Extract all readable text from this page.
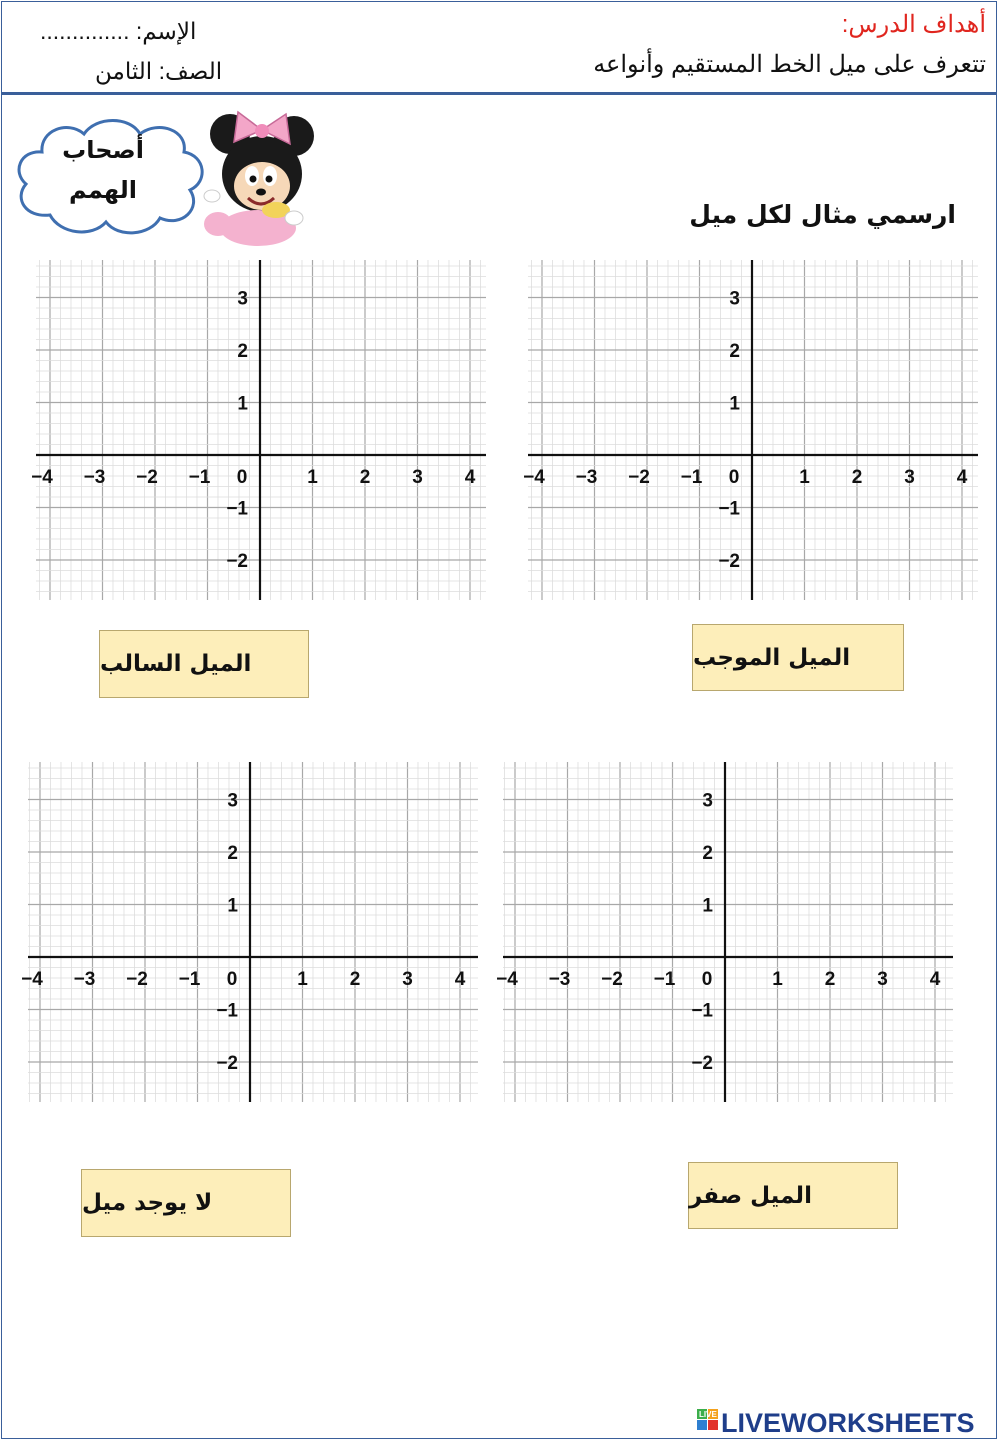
أهداف الدرس:
تتعرف على ميل الخط المستقيم وأنواعه
الإسم: ..............
الصف: الثامن
أصحاب
الهمم
ارسمي مثال لكل ميل
−4 −3 −2 −1 0	1 2 3 4
3
2
1
−1
−2
−4 −3 −2 −1 0	1 2 3 4
3
2
1
−1
−2
−4 −3 −2 −1 0	1 2 3 4
3
2
1
−1
−2
−4 −3 −2 −1 0	1 2 3 4
3
2
1
−1
−2
الميل السالب	الميل الموجب
لا يوجد ميل	الميل صفر
LIVE LIVEWORKSHEETS
